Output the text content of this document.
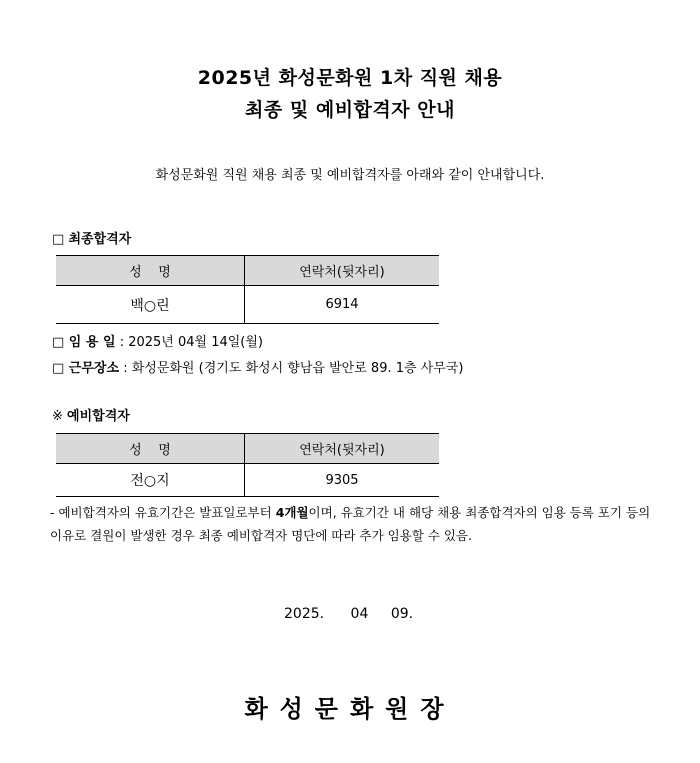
2025년 화성문화원 1차 직원 채용
최종 및 예비합격자 안내
화성문화원 직원 채용 최종 및 예비합격자를 아래와 같이 안내합니다.
□ 최종합격자
성    명	연락처(뒷자리)
백○린	6914
□ 임 용 일 : 2025년 04월 14일(월)
□ 근무장소 : 화성문화원 (경기도 화성시 향남읍 발안로 89. 1층 사무국)
※ 예비합격자
성    명	연락처(뒷자리)
전○지	9305
- 예비합격자의 유효기간은 발표일로부터 4개월이며, 유효기간 내 해당 채용 최종합격자의 임용 등록 포기 등의 이유로 결원이 발생한 경우 최종 예비합격자 명단에 따라 추가 임용할 수 있음.
2025. 04 09.
화성문화원장
